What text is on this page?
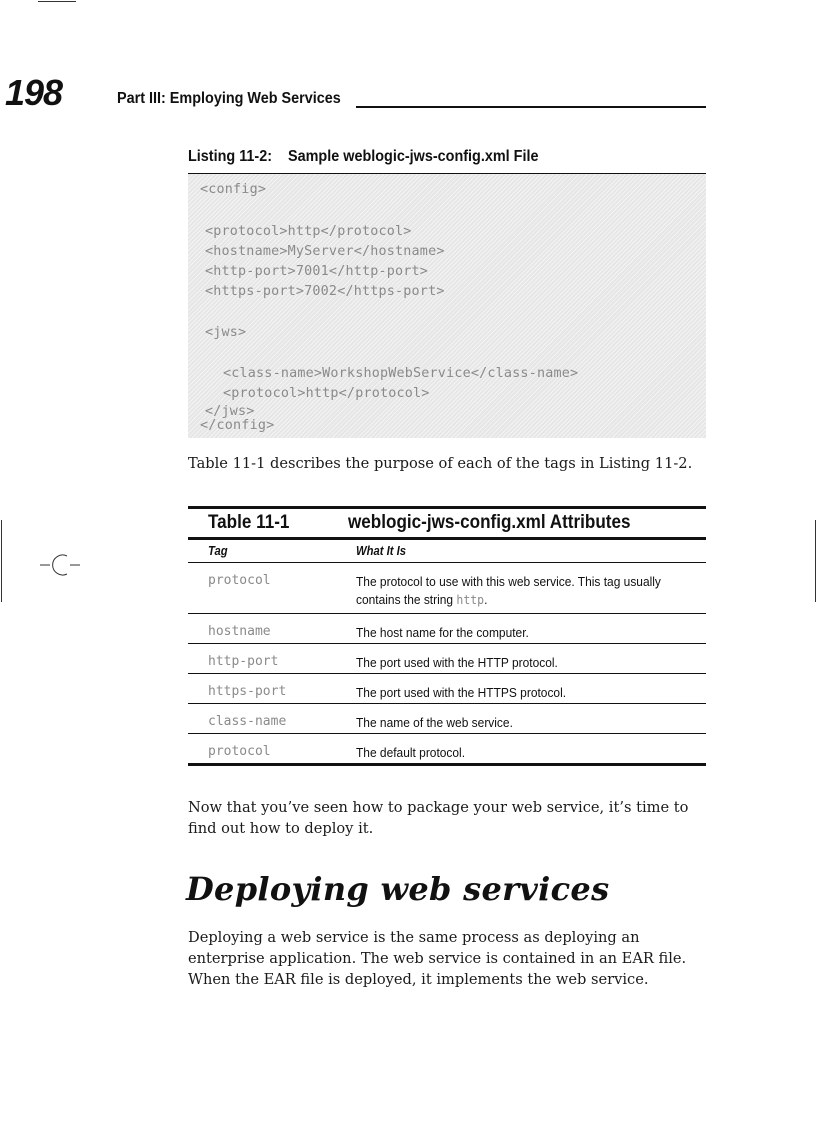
198	Part III: Employing Web Services
Listing 11-2:    Sample weblogic-jws-config.xml File
<config>
<protocol>http</protocol>
<hostname>MyServer</hostname>
<http-port>7001</http-port>
<https-port>7002</https-port>
<jws>
<class-name>WorkshopWebService</class-name>
<protocol>http</protocol>
</jws>
</config>
Table 11-1 describes the purpose of each of the tags in Listing 11-2.
Table 11-1	weblogic-jws-config.xml Attributes
Tag	What It Is
protocol	The protocol to use with this web service. This tag usually contains the string http.
hostname	The host name for the computer.
http-port	The port used with the HTTP protocol.
https-port	The port used with the HTTPS protocol.
class-name	The name of the web service.
protocol	The default protocol.
Now that you’ve seen how to package your web service, it’s time to find out how to deploy it.
Deploying web services
Deploying a web service is the same process as deploying an enterprise application. The web service is contained in an EAR file. When the EAR file is deployed, it implements the web service.
